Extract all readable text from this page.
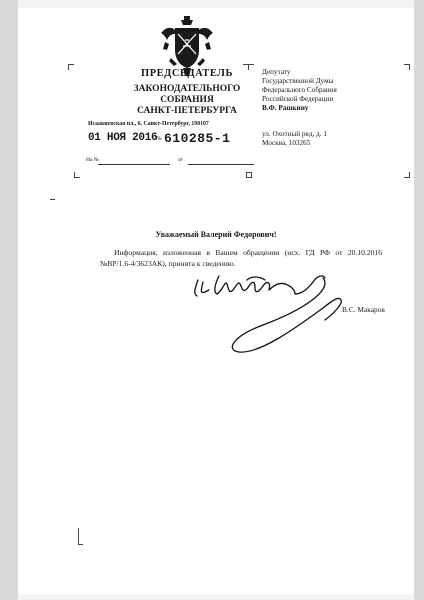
ПРЕДСЕДАТЕЛЬ
ЗАКОНОДАТЕЛЬНОГО
СОБРАНИЯ
САНКТ-ПЕТЕРБУРГА
Исаакиевская пл., 6, Санкт-Петербург, 190107
01 НОЯ 2016
№ 610285-1
На №	от
Депутату
Государственной Думы
Федерального Собрания
Российской Федерации
В.Ф. Рашкину
ул. Охотный ряд, д. 1
Москва, 103265
Уважаемый Валерий Федорович!
Информация, изложенная в Вашем обращении (исх. ГД РФ от 20.10.2016 №ВР/1.6-4/3623АК), принята к сведению.
В.С. Макаров
